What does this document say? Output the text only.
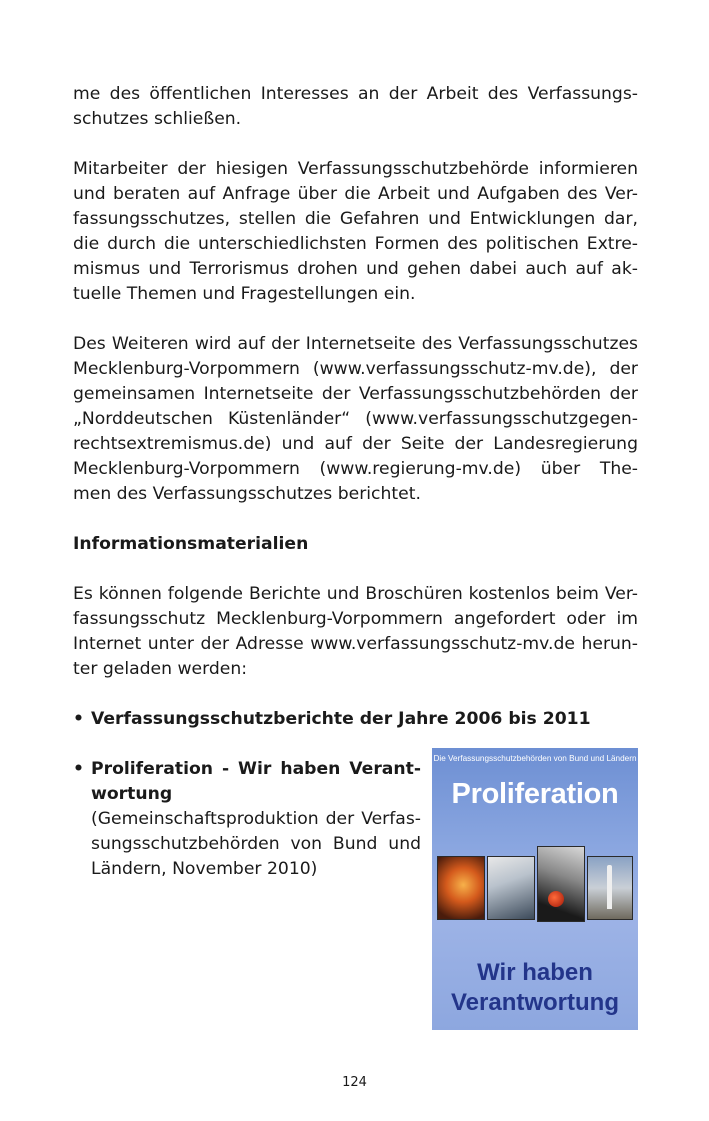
me des öffentlichen Interesses an der Arbeit des Verfassungs-
schutzes schließen.

Mitarbeiter der hiesigen Verfassungsschutzbehörde informieren
und beraten auf Anfrage über die Arbeit und Aufgaben des Ver-
fassungsschutzes, stellen die Gefahren und Entwicklungen dar,
die durch die unterschiedlichsten Formen des politischen Extre-
mismus und Terrorismus drohen und gehen dabei auch auf ak-
tuelle Themen und Fragestellungen ein.

Des Weiteren wird auf der Internetseite des Verfassungsschutzes
Mecklenburg-Vorpommern (www.verfassungsschutz-mv.de), der
gemeinsamen Internetseite der Verfassungsschutzbehörden der
„Norddeutschen Küstenländer“ (www.verfassungsschutzgegen-
rechtsextremismus.de) und auf der Seite der Landesregierung
Mecklenburg-Vorpommern (www.regierung-mv.de) über The-
men des Verfassungsschutzes berichtet.

Informationsmaterialien

Es können folgende Berichte und Broschüren kostenlos beim Ver-
fassungsschutz Mecklenburg-Vorpommern angefordert oder im
Internet unter der Adresse www.verfassungsschutz-mv.de herun-
ter geladen werden:

• Verfassungsschutzberichte der Jahre 2006 bis 2011
• Proliferation - Wir haben Verant-
wortung
(Gemeinschaftsproduktion der Verfas-
sungsschutzbehörden von Bund und
Ländern, November 2010)
Die Verfassungsschutzbehörden von Bund und Ländern
Proliferation
Wir haben
Verantwortung
124
